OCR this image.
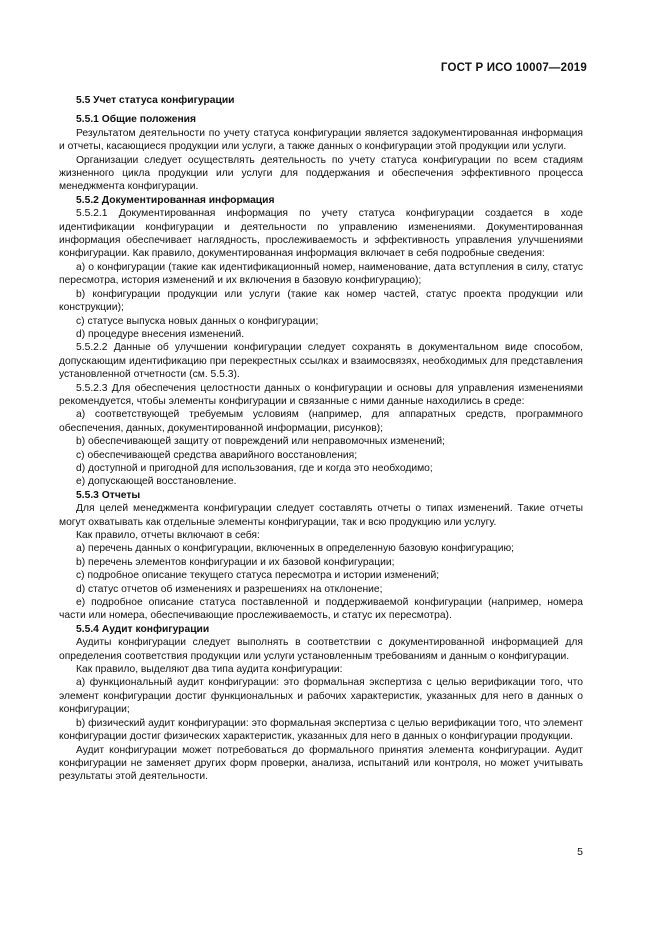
ГОСТ Р ИСО 10007—2019
5.5 Учет статуса конфигурации
5.5.1 Общие положения

Результатом деятельности по учету статуса конфигурации является задокументированная информация и отчеты, касающиеся продукции или услуги, а также данных о конфигурации этой продукции или услуги.

Организации следует осуществлять деятельность по учету статуса конфигурации по всем стадиям жизненного цикла продукции или услуги для поддержания и обеспечения эффективного процесса менеджмента конфигурации.

5.5.2 Документированная информация

5.5.2.1 Документированная информация по учету статуса конфигурации создается в ходе идентификации конфигурации и деятельности по управлению изменениями. Документированная информация обеспечивает наглядность, прослеживаемость и эффективность управления улучшениями конфигурации. Как правило, документированная информация включает в себя подробные сведения:

а) о конфигурации (такие как идентификационный номер, наименование, дата вступления в силу, статус пересмотра, история изменений и их включения в базовую конфигурацию);

b) конфигурации продукции или услуги (такие как номер частей, статус проекта продукции или конструкции);

c) статусе выпуска новых данных о конфигурации;

d) процедуре внесения изменений.

5.5.2.2 Данные об улучшении конфигурации следует сохранять в документальном виде способом, допускающим идентификацию при перекрестных ссылках и взаимосвязях, необходимых для представления установленной отчетности (см. 5.5.3).

5.5.2.3 Для обеспечения целостности данных о конфигурации и основы для управления изменениями рекомендуется, чтобы элементы конфигурации и связанные с ними данные находились в среде:

а) соответствующей требуемым условиям (например, для аппаратных средств, программного обеспечения, данных, документированной информации, рисунков);

b) обеспечивающей защиту от повреждений или неправомочных изменений;

c) обеспечивающей средства аварийного восстановления;

d) доступной и пригодной для использования, где и когда это необходимо;

e) допускающей восстановление.

5.5.3 Отчеты

Для целей менеджмента конфигурации следует составлять отчеты о типах изменений. Такие отчеты могут охватывать как отдельные элементы конфигурации, так и всю продукцию или услугу.

Как правило, отчеты включают в себя:

а) перечень данных о конфигурации, включенных в определенную базовую конфигурацию;

b) перечень элементов конфигурации и их базовой конфигурации;

c) подробное описание текущего статуса пересмотра и истории изменений;

d) статус отчетов об изменениях и разрешениях на отклонение;

e) подробное описание статуса поставленной и поддерживаемой конфигурации (например, номера части или номера, обеспечивающие прослеживаемость, и статус их пересмотра).

5.5.4 Аудит конфигурации

Аудиты конфигурации следует выполнять в соответствии с документированной информацией для определения соответствия продукции или услуги установленным требованиям и данным о конфигурации.

Как правило, выделяют два типа аудита конфигурации:

а) функциональный аудит конфигурации: это формальная экспертиза с целью верификации того, что элемент конфигурации достиг функциональных и рабочих характеристик, указанных для него в данных о конфигурации;

b) физический аудит конфигурации: это формальная экспертиза с целью верификации того, что элемент конфигурации достиг физических характеристик, указанных для него в данных о конфигурации продукции.

Аудит конфигурации может потребоваться до формального принятия элемента конфигурации. Аудит конфигурации не заменяет других форм проверки, анализа, испытаний или контроля, но может учитывать результаты этой деятельности.

5
